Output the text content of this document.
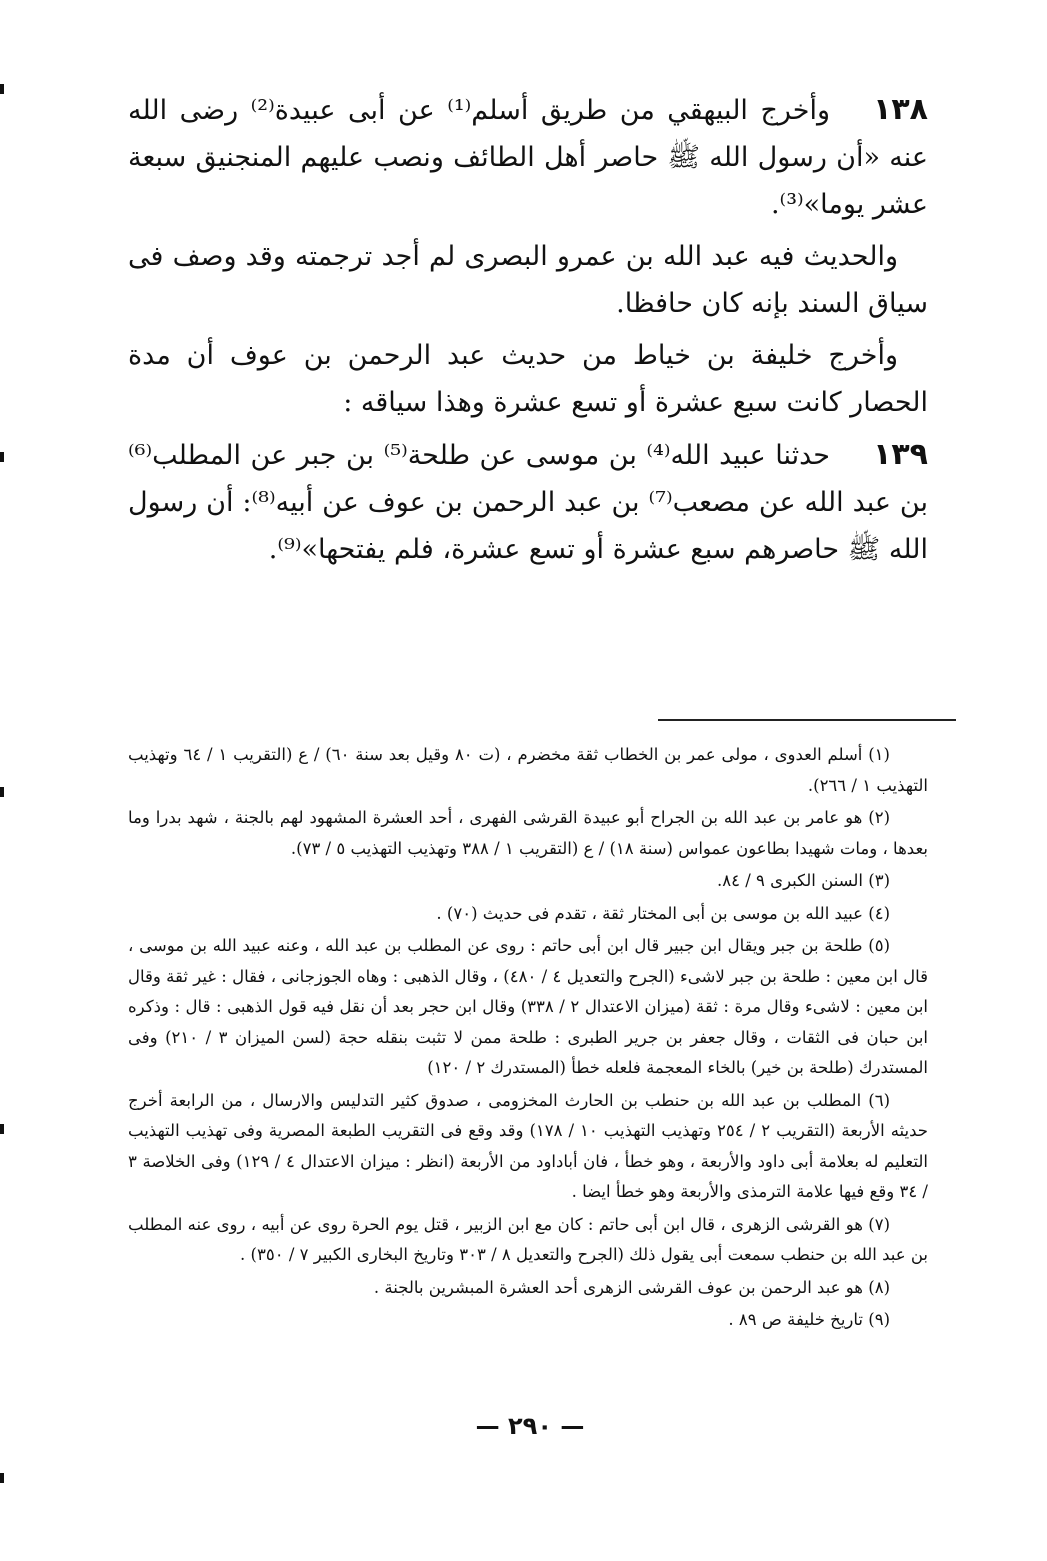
١٣٨وأخرج البيهقي من طريق أسلم⁽¹⁾ عن أبى عبيدة⁽²⁾ رضى الله عنه «أن رسول الله ﷺ حاصر أهل الطائف ونصب عليهم المنجنيق سبعة عشر يوما»⁽³⁾.

والحديث فيه عبد الله بن عمرو البصرى لم أجد ترجمته وقد وصف فى سياق السند بإنه كان حافظا.

وأخرج خليفة بن خياط من حديث عبد الرحمن بن عوف أن مدة الحصار كانت سبع عشرة أو تسع عشرة وهذا سياقه :

١٣٩حدثنا عبيد الله⁽⁴⁾ بن موسى عن طلحة⁽⁵⁾ بن جبر عن المطلب⁽⁶⁾ بن عبد الله عن مصعب⁽⁷⁾ بن عبد الرحمن بن عوف عن أبيه⁽⁸⁾: أن رسول الله ﷺ حاصرهم سبع عشرة أو تسع عشرة، فلم يفتحها»⁽⁹⁾.

(١) أسلم العدوى ، مولى عمر بن الخطاب ثقة مخضرم ، (ت ٨٠ وقيل بعد سنة ٦٠) / ع (التقريب ١ / ٦٤ وتهذيب التهذيب ١ / ٢٦٦).

(٢) هو عامر بن عبد الله بن الجراح أبو عبيدة القرشى الفهرى ، أحد العشرة المشهود لهم بالجنة ، شهد بدرا وما بعدها ، ومات شهيدا بطاعون عمواس (سنة ١٨) / ع (التقريب ١ / ٣٨٨ وتهذيب التهذيب ٥ / ٧٣).

(٣) السنن الكبرى ٩ / ٨٤.

(٤) عبيد الله بن موسى بن أبى المختار ثقة ، تقدم فى حديث (٧٠) .

(٥) طلحة بن جبر ويقال ابن جبير قال ابن أبى حاتم : روى عن المطلب بن عبد الله ، وعنه عبيد الله بن موسى ، قال ابن معين : طلحة بن جبر لاشىء (الجرح والتعديل ٤ / ٤٨٠) ، وقال الذهبى : وهاه الجوزجانى ، فقال : غير ثقة وقال ابن معين : لاشىء وقال مرة : ثقة (ميزان الاعتدال ٢ / ٣٣٨) وقال ابن حجر بعد أن نقل فيه قول الذهبى : قال : وذكره ابن حبان فى الثقات ، وقال جعفر بن جرير الطبرى : طلحة ممن لا تثبت بنقله حجة (لسن الميزان ٣ / ٢١٠) وفى المستدرك (طلحة بن خير) بالخاء المعجمة فلعله خطأ (المستدرك ٢ / ١٢٠)

(٦) المطلب بن عبد الله بن حنطب بن الحارث المخزومى ، صدوق كثير التدليس والارسال ، من الرابعة أخرج حديثه الأربعة (التقريب ٢ / ٢٥٤ وتهذيب التهذيب ١٠ / ١٧٨) وقد وقع فى التقريب الطبعة المصرية وفى تهذيب التهذيب التعليم له بعلامة أبى داود والأربعة ، وهو خطأ ، فان أباداود من الأربعة (انظر : ميزان الاعتدال ٤ / ١٢٩) وفى الخلاصة ٣ / ٣٤ وقع فيها علامة الترمذى والأربعة وهو خطأ ايضا .

(٧) هو القرشى الزهرى ، قال ابن أبى حاتم : كان مع ابن الزبير ، قتل يوم الحرة روى عن أبيه ، روى عنه المطلب بن عبد الله بن حنطب سمعت أبى يقول ذلك (الجرح والتعديل ٨ / ٣٠٣ وتاريخ البخارى الكبير ٧ / ٣٥٠) .

(٨) هو عبد الرحمن بن عوف القرشى الزهرى أحد العشرة المبشرين بالجنة .

(٩) تاريخ خليفة ص ٨٩ .

— ٢٩٠ —
